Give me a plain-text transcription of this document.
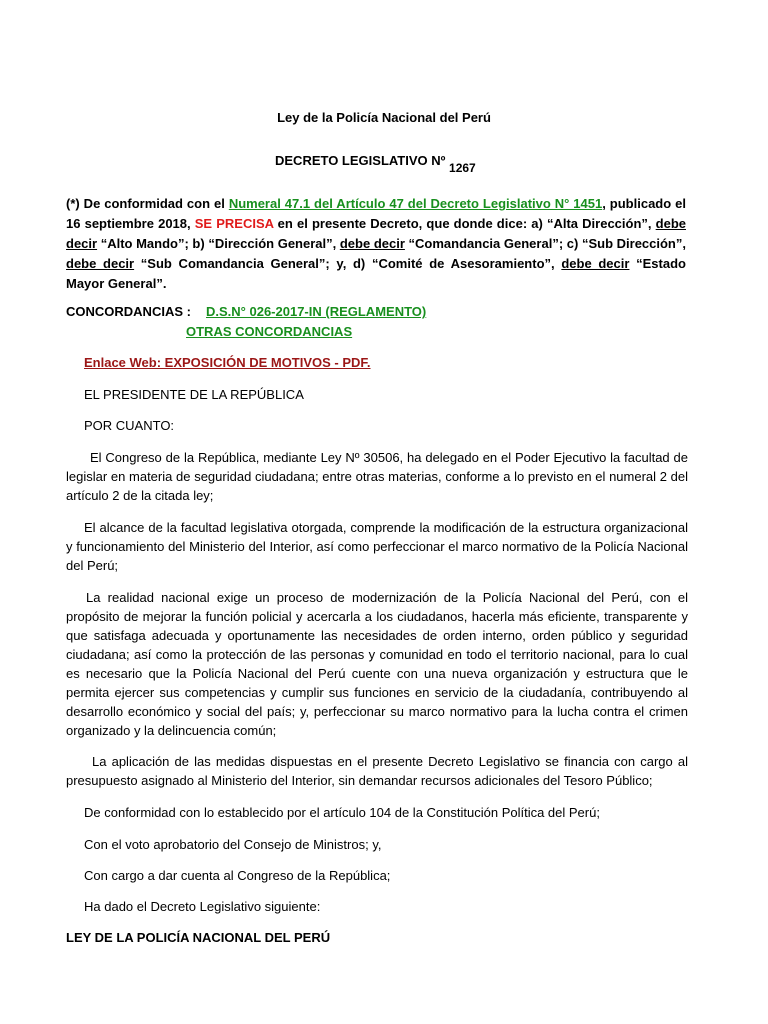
Ley de la Policía Nacional del Perú
DECRETO LEGISLATIVO Nº 1267
(*) De conformidad con el Numeral 47.1 del Artículo 47 del Decreto Legislativo N° 1451, publicado el 16 septiembre 2018, SE PRECISA en el presente Decreto, que donde dice: a) “Alta Dirección”, debe decir “Alto Mando”; b) “Dirección General”, debe decir “Comandancia General”; c) “Sub Dirección”, debe decir “Sub Comandancia General”; y, d) “Comité de Asesoramiento”, debe decir “Estado Mayor General”.
CONCORDANCIAS : D.S.N° 026-2017-IN (REGLAMENTO)
OTRAS CONCORDANCIAS
Enlace Web: EXPOSICIÓN DE MOTIVOS - PDF.
EL PRESIDENTE DE LA REPÚBLICA
POR CUANTO:
El Congreso de la República, mediante Ley Nº 30506, ha delegado en el Poder Ejecutivo la facultad de legislar en materia de seguridad ciudadana; entre otras materias, conforme a lo previsto en el numeral 2 del artículo 2 de la citada ley;
El alcance de la facultad legislativa otorgada, comprende la modificación de la estructura organizacional y funcionamiento del Ministerio del Interior, así como perfeccionar el marco normativo de la Policía Nacional del Perú;
La realidad nacional exige un proceso de modernización de la Policía Nacional del Perú, con el propósito de mejorar la función policial y acercarla a los ciudadanos, hacerla más eficiente, transparente y que satisfaga adecuada y oportunamente las necesidades de orden interno, orden público y seguridad ciudadana; así como la protección de las personas y comunidad en todo el territorio nacional, para lo cual es necesario que la Policía Nacional del Perú cuente con una nueva organización y estructura que le permita ejercer sus competencias y cumplir sus funciones en servicio de la ciudadanía, contribuyendo al desarrollo económico y social del país; y, perfeccionar su marco normativo para la lucha contra el crimen organizado y la delincuencia común;
La aplicación de las medidas dispuestas en el presente Decreto Legislativo se financia con cargo al presupuesto asignado al Ministerio del Interior, sin demandar recursos adicionales del Tesoro Público;
De conformidad con lo establecido por el artículo 104 de la Constitución Política del Perú;
Con el voto aprobatorio del Consejo de Ministros; y,
Con cargo a dar cuenta al Congreso de la República;
Ha dado el Decreto Legislativo siguiente:
LEY DE LA POLICÍA NACIONAL DEL PERÚ
